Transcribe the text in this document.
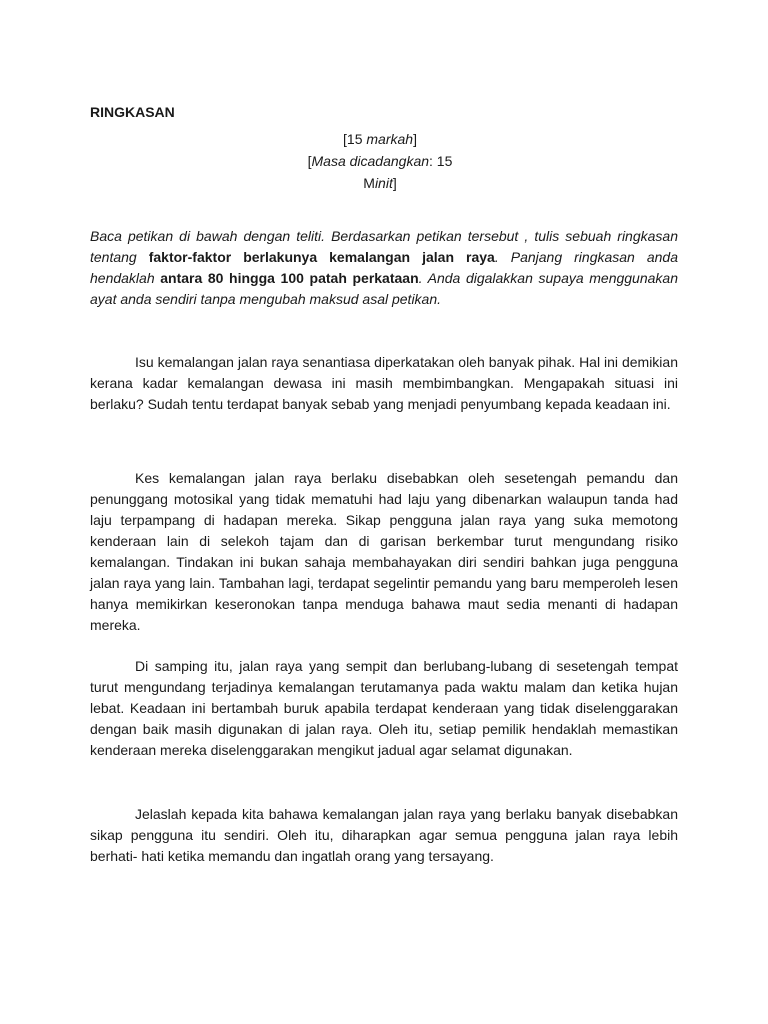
RINGKASAN
[15 markah]
[Masa dicadangkan: 15
Minit]
Baca petikan di bawah dengan teliti. Berdasarkan petikan tersebut , tulis sebuah ringkasan tentang faktor-faktor berlakunya kemalangan jalan raya. Panjang ringkasan anda hendaklah antara 80 hingga 100 patah perkataan. Anda digalakkan supaya menggunakan ayat anda sendiri tanpa mengubah maksud asal petikan.

Isu kemalangan jalan raya senantiasa diperkatakan oleh banyak pihak. Hal ini demikian kerana kadar kemalangan dewasa ini masih membimbangkan. Mengapakah situasi ini berlaku? Sudah tentu terdapat banyak sebab yang menjadi penyumbang kepada keadaan ini.

Kes kemalangan jalan raya berlaku disebabkan oleh sesetengah pemandu dan penunggang motosikal yang tidak mematuhi had laju yang dibenarkan walaupun tanda had laju terpampang di hadapan mereka. Sikap pengguna jalan raya yang suka memotong kenderaan lain di selekoh tajam dan di garisan berkembar turut mengundang risiko kemalangan. Tindakan ini bukan sahaja membahayakan diri sendiri bahkan juga pengguna jalan raya yang lain. Tambahan lagi, terdapat segelintir pemandu yang baru memperoleh lesen hanya memikirkan keseronokan tanpa menduga bahawa maut sedia menanti di hadapan mereka.

Di samping itu, jalan raya yang sempit dan berlubang-lubang di sesetengah tempat turut mengundang terjadinya kemalangan terutamanya pada waktu malam dan ketika hujan lebat. Keadaan ini bertambah buruk apabila terdapat kenderaan yang tidak diselenggarakan dengan baik masih digunakan di jalan raya. Oleh itu, setiap pemilik hendaklah memastikan kenderaan mereka diselenggarakan mengikut jadual agar selamat digunakan.

Jelaslah kepada kita bahawa kemalangan jalan raya yang berlaku banyak disebabkan sikap pengguna itu sendiri. Oleh itu, diharapkan agar semua pengguna jalan raya lebih berhati- hati ketika memandu dan ingatlah orang yang tersayang.
